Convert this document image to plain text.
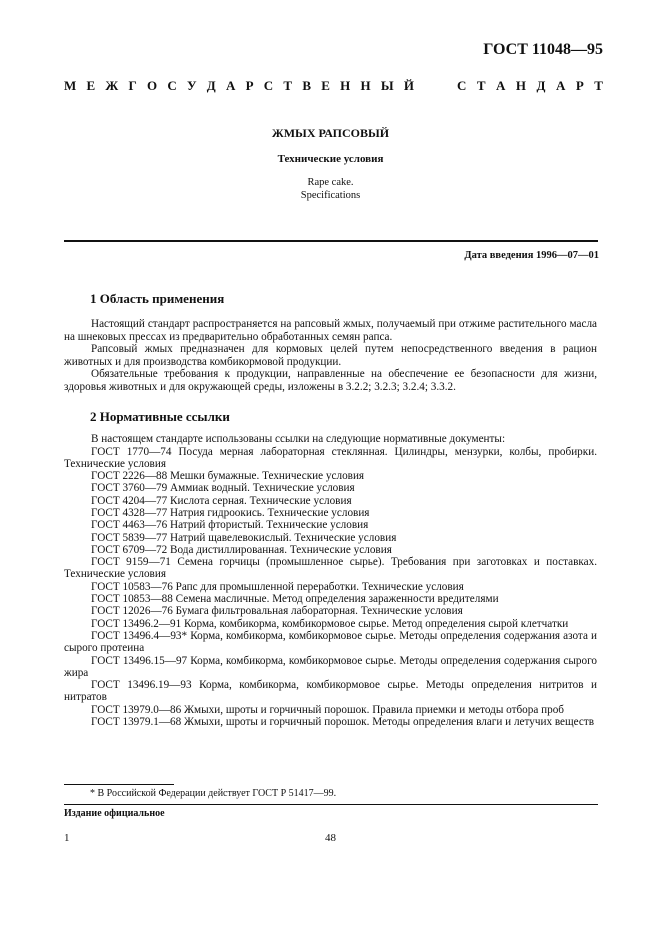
ГОСТ 11048—95
М Е Ж Г О С У Д А Р С Т В Е Н Н Ы Й	С Т А Н Д А Р Т
ЖМЫХ РАПСОВЫЙ
Технические условия
Rape cake.
Specifications
Дата введения 1996—07—01
1 Область применения
Настоящий стандарт распространяется на рапсовый жмых, получаемый при отжиме растительного масла на шнековых прессах из предварительно обработанных семян рапса.
Рапсовый жмых предназначен для кормовых целей путем непосредственного введения в рацион животных и для производства комбикормовой продукции.
Обязательные требования к продукции, направленные на обеспечение ее безопасности для жизни, здоровья животных и для окружающей среды, изложены в 3.2.2; 3.2.3; 3.2.4; 3.3.2.
2 Нормативные ссылки
В настоящем стандарте использованы ссылки на следующие нормативные документы:
ГОСТ 1770—74 Посуда мерная лабораторная стеклянная. Цилиндры, мензурки, колбы, пробирки. Технические условия
ГОСТ 2226—88 Мешки бумажные. Технические условия
ГОСТ 3760—79 Аммиак водный. Технические условия
ГОСТ 4204—77 Кислота серная. Технические условия
ГОСТ 4328—77 Натрия гидроокись. Технические условия
ГОСТ 4463—76 Натрий фтористый. Технические условия
ГОСТ 5839—77 Натрий щавелевокислый. Технические условия
ГОСТ 6709—72 Вода дистиллированная. Технические условия
ГОСТ 9159—71 Семена горчицы (промышленное сырье). Требования при заготовках и поставках. Технические условия
ГОСТ 10583—76 Рапс для промышленной переработки. Технические условия
ГОСТ 10853—88 Семена масличные. Метод определения зараженности вредителями
ГОСТ 12026—76 Бумага фильтровальная лабораторная. Технические условия
ГОСТ 13496.2—91 Корма, комбикорма, комбикормовое сырье. Метод определения сырой клетчатки
ГОСТ 13496.4—93* Корма, комбикорма, комбикормовое сырье. Методы определения содержания азота и сырого протеина
ГОСТ 13496.15—97 Корма, комбикорма, комбикормовое сырье. Методы определения содержания сырого жира
ГОСТ 13496.19—93 Корма, комбикорма, комбикормовое сырье. Методы определения нитритов и нитратов
ГОСТ 13979.0—86 Жмыхи, шроты и горчичный порошок. Правила приемки и методы отбора проб
ГОСТ 13979.1—68 Жмыхи, шроты и горчичный порошок. Методы определения влаги и летучих веществ
* В Российской Федерации действует ГОСТ Р 51417—99.
Издание официальное
1	48
